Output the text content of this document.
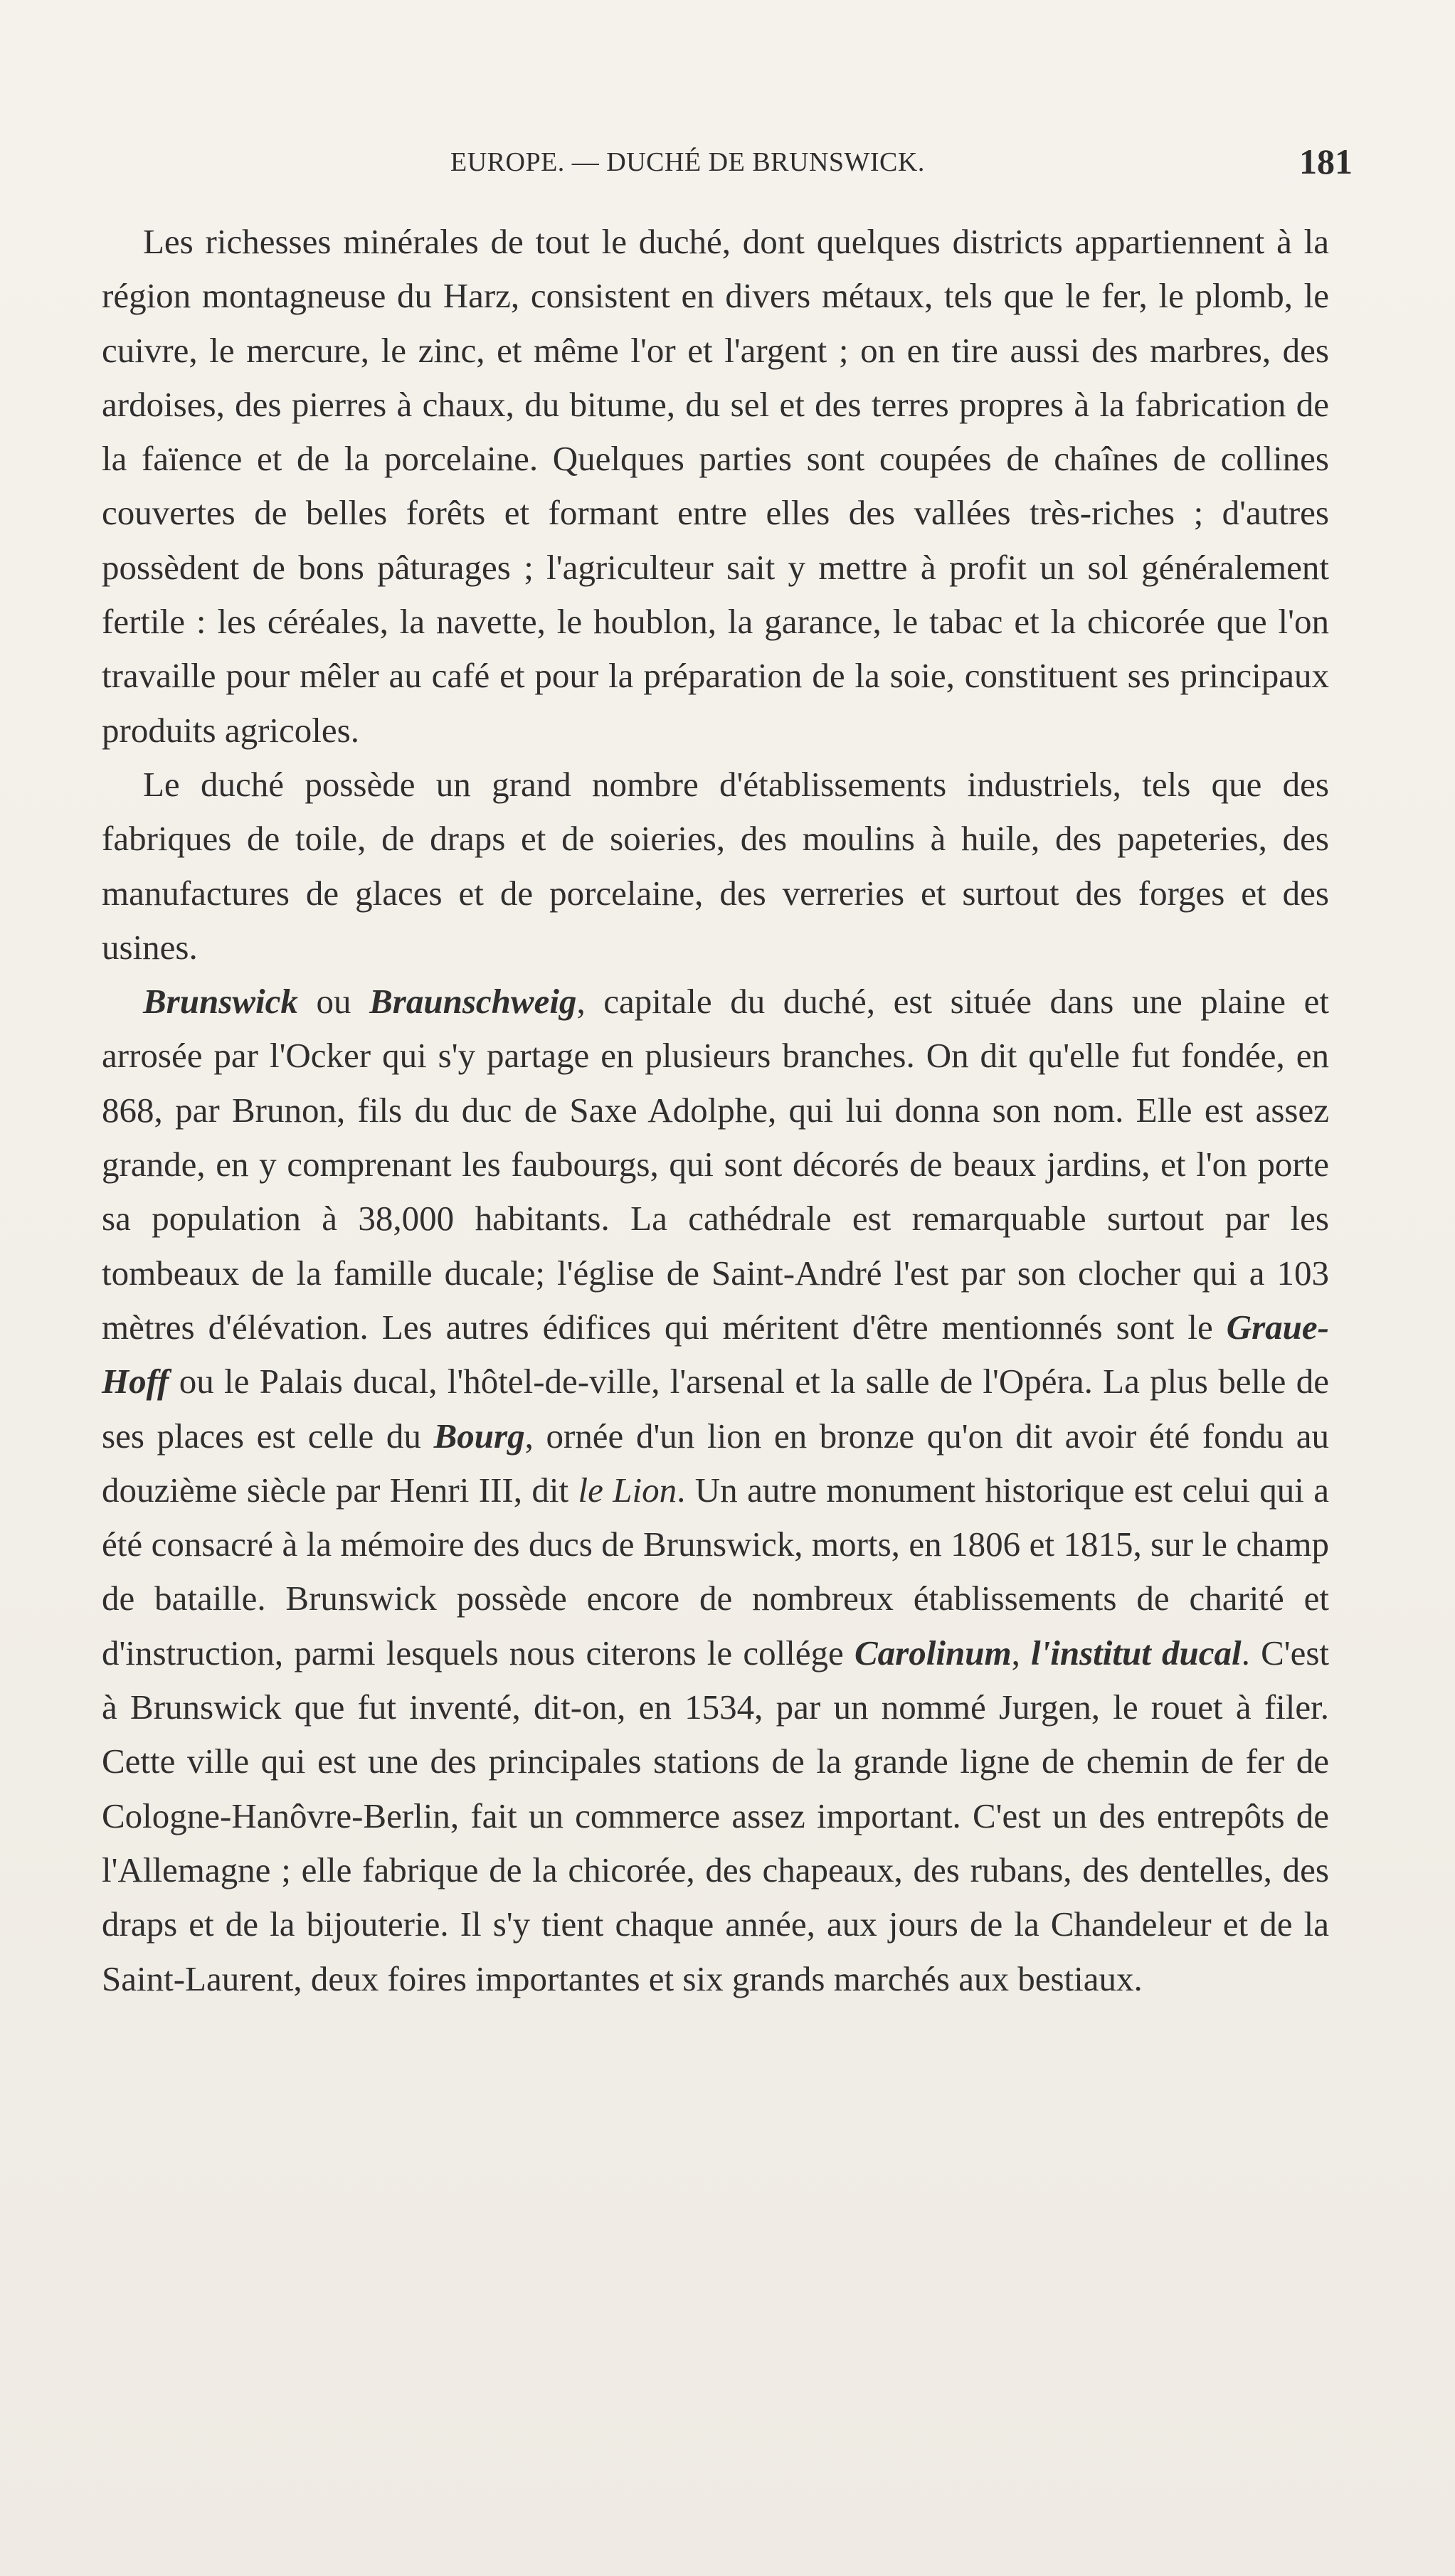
EUROPE. — DUCHÉ DE BRUNSWICK.	181

Les richesses minérales de tout le duché, dont quelques districts appartiennent à la région montagneuse du Harz, consistent en divers métaux, tels que le fer, le plomb, le cuivre, le mercure, le zinc, et même l'or et l'argent ; on en tire aussi des marbres, des ardoises, des pierres à chaux, du bitume, du sel et des terres propres à la fabrication de la faïence et de la porcelaine. Quelques parties sont coupées de chaînes de collines couvertes de belles forêts et formant entre elles des vallées très-riches ; d'autres possèdent de bons pâturages ; l'agriculteur sait y mettre à profit un sol généralement fertile : les céréales, la navette, le houblon, la garance, le tabac et la chicorée que l'on travaille pour mêler au café et pour la préparation de la soie, constituent ses principaux produits agricoles.

Le duché possède un grand nombre d'établissements industriels, tels que des fabriques de toile, de draps et de soieries, des moulins à huile, des papeteries, des manufactures de glaces et de porcelaine, des verreries et surtout des forges et des usines.

Brunswick ou Braunschweig, capitale du duché, est située dans une plaine et arrosée par l'Ocker qui s'y partage en plusieurs branches. On dit qu'elle fut fondée, en 868, par Brunon, fils du duc de Saxe Adolphe, qui lui donna son nom. Elle est assez grande, en y comprenant les faubourgs, qui sont décorés de beaux jardins, et l'on porte sa population à 38,000 habitants. La cathédrale est remarquable surtout par les tombeaux de la famille ducale; l'église de Saint-André l'est par son clocher qui a 103 mètres d'élévation. Les autres édifices qui méritent d'être mentionnés sont le Graue-Hoff ou le Palais ducal, l'hôtel-de-ville, l'arsenal et la salle de l'Opéra. La plus belle de ses places est celle du Bourg, ornée d'un lion en bronze qu'on dit avoir été fondu au douzième siècle par Henri III, dit le Lion. Un autre monument historique est celui qui a été consacré à la mémoire des ducs de Brunswick, morts, en 1806 et 1815, sur le champ de bataille. Brunswick possède encore de nombreux établissements de charité et d'instruction, parmi lesquels nous citerons le collége Carolinum, l'institut ducal. C'est à Brunswick que fut inventé, dit-on, en 1534, par un nommé Jurgen, le rouet à filer. Cette ville qui est une des principales stations de la grande ligne de chemin de fer de Cologne-Hanôvre-Berlin, fait un commerce assez important. C'est un des entrepôts de l'Allemagne ; elle fabrique de la chicorée, des chapeaux, des rubans, des dentelles, des draps et de la bijouterie. Il s'y tient chaque année, aux jours de la Chandeleur et de la Saint-Laurent, deux foires importantes et six grands marchés aux bestiaux.
